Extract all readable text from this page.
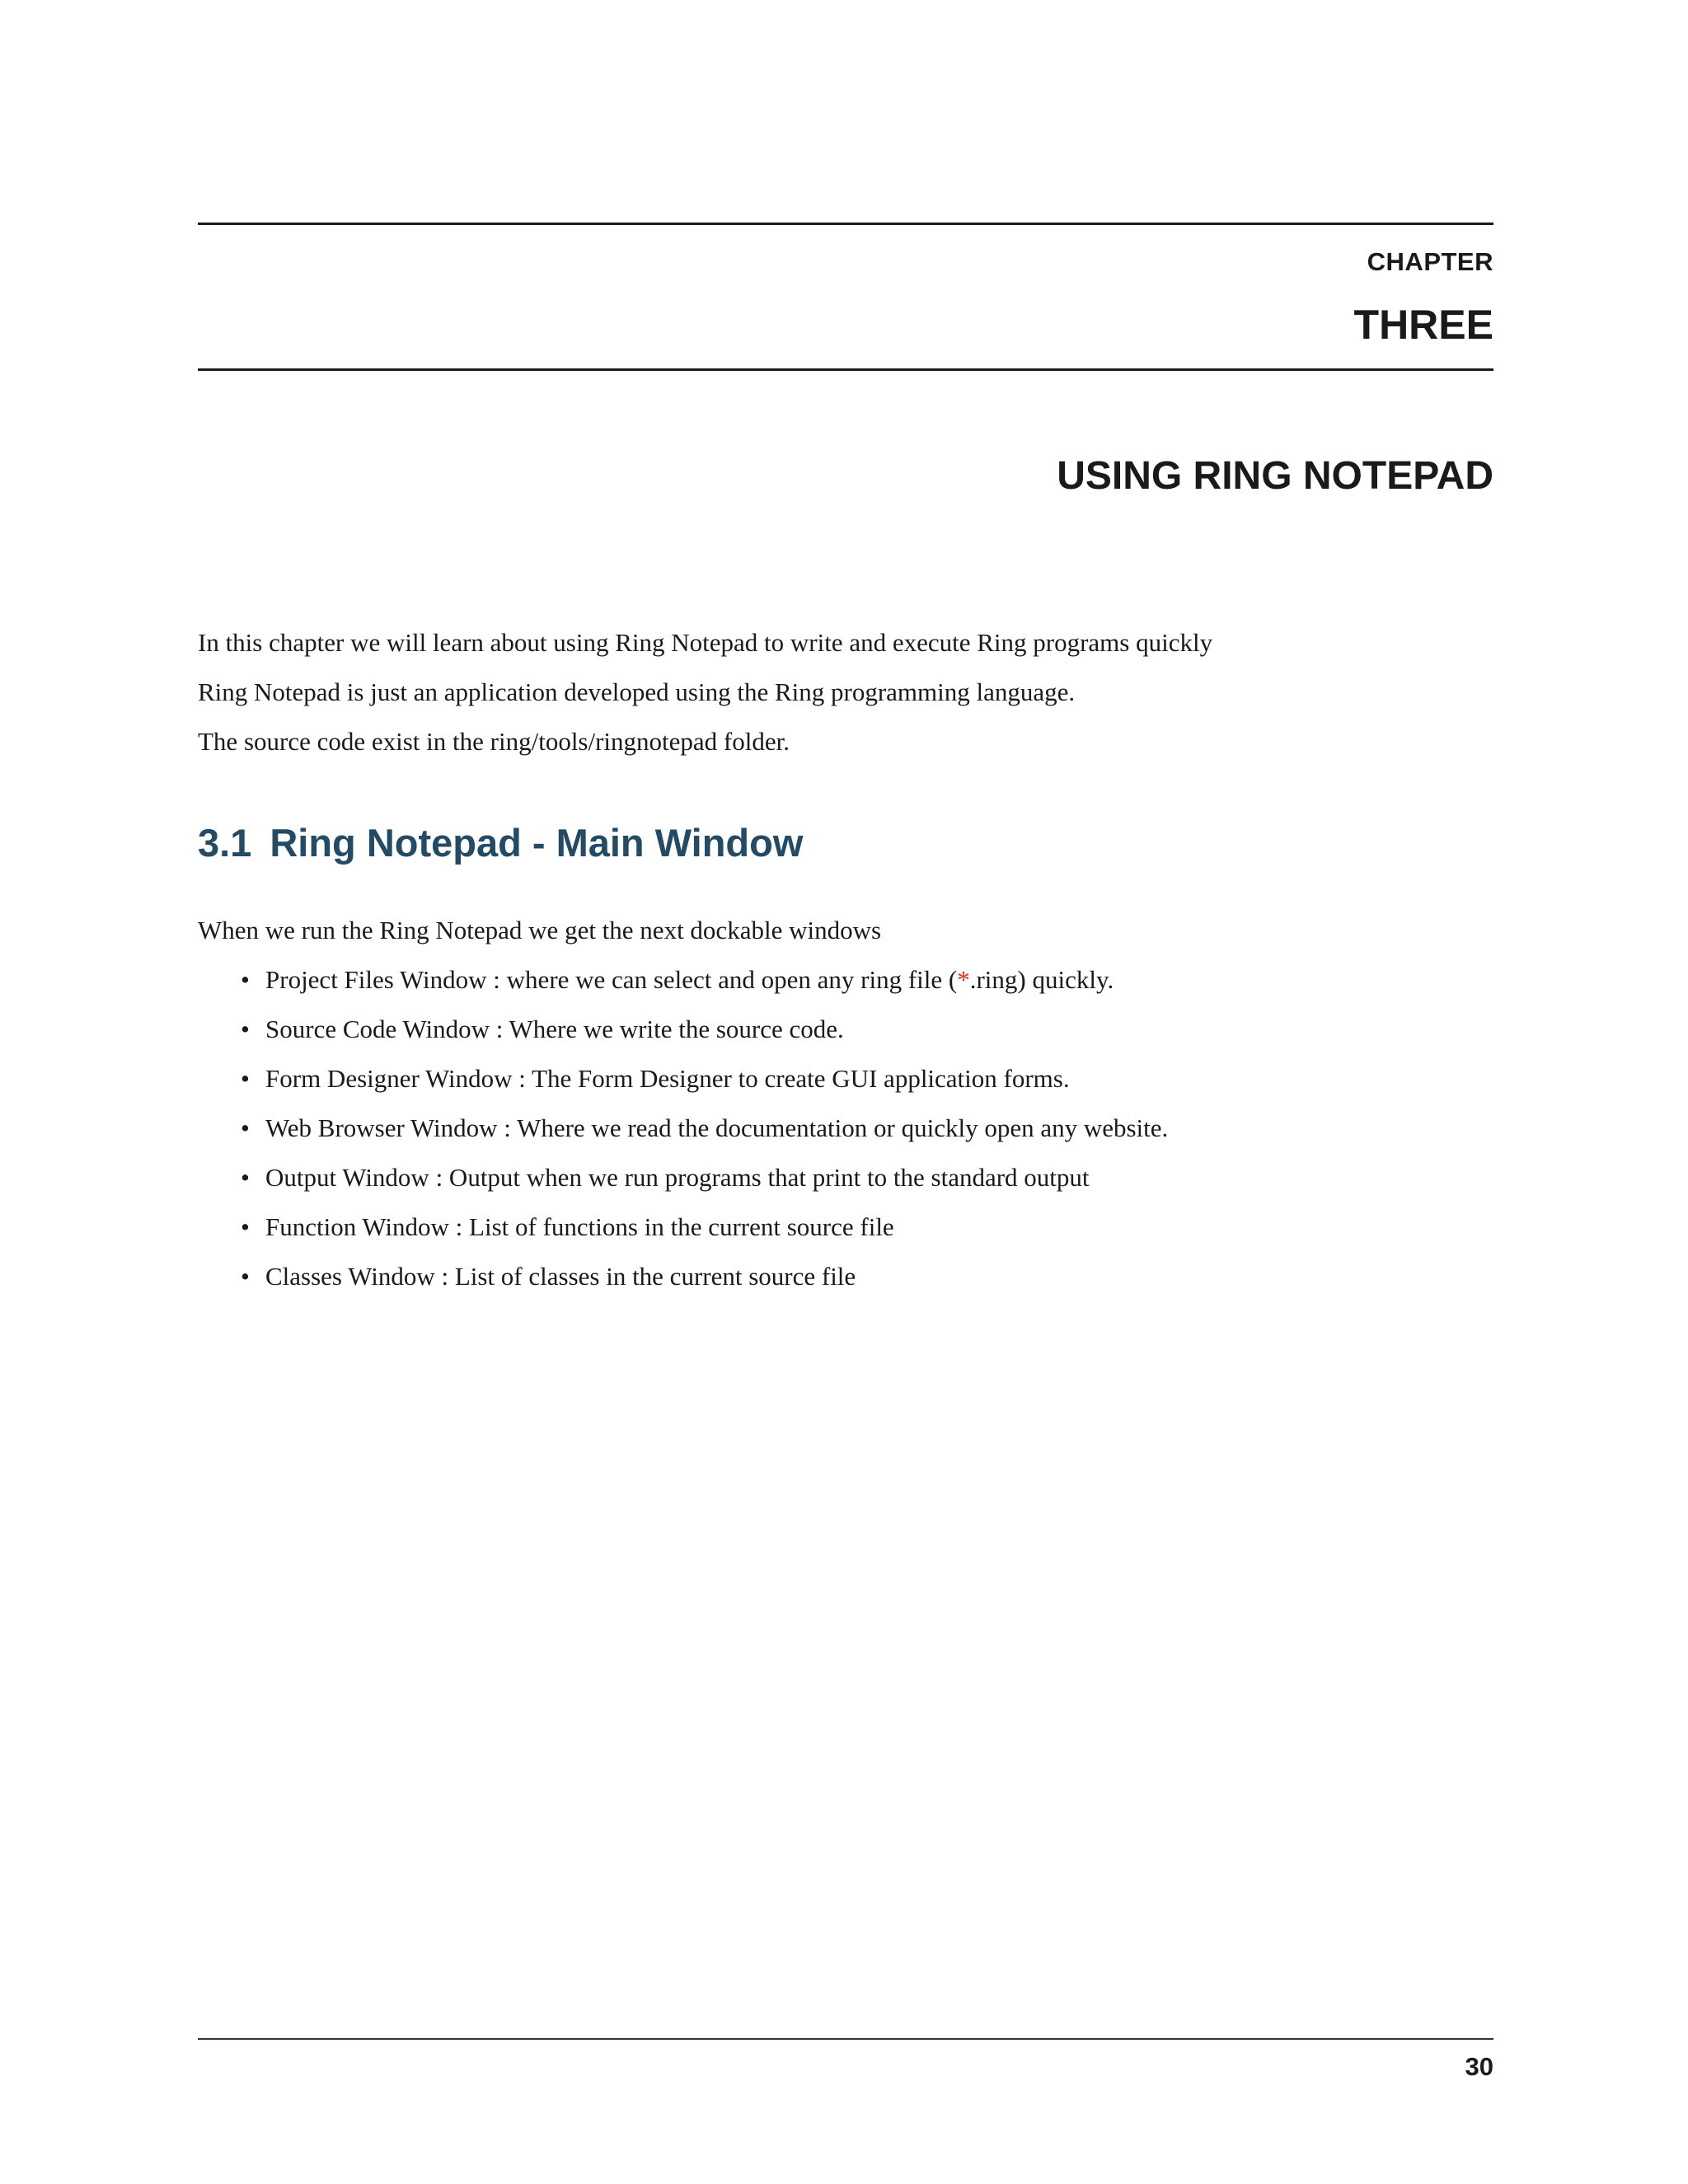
CHAPTER
THREE
USING RING NOTEPAD
In this chapter we will learn about using Ring Notepad to write and execute Ring programs quickly
Ring Notepad is just an application developed using the Ring programming language.
The source code exist in the ring/tools/ringnotepad folder.
3.1 Ring Notepad - Main Window
When we run the Ring Notepad we get the next dockable windows
• Project Files Window : where we can select and open any ring file (*.ring) quickly.
• Source Code Window : Where we write the source code.
• Form Designer Window : The Form Designer to create GUI application forms.
• Web Browser Window : Where we read the documentation or quickly open any website.
• Output Window : Output when we run programs that print to the standard output
• Function Window : List of functions in the current source file
• Classes Window : List of classes in the current source file
30
